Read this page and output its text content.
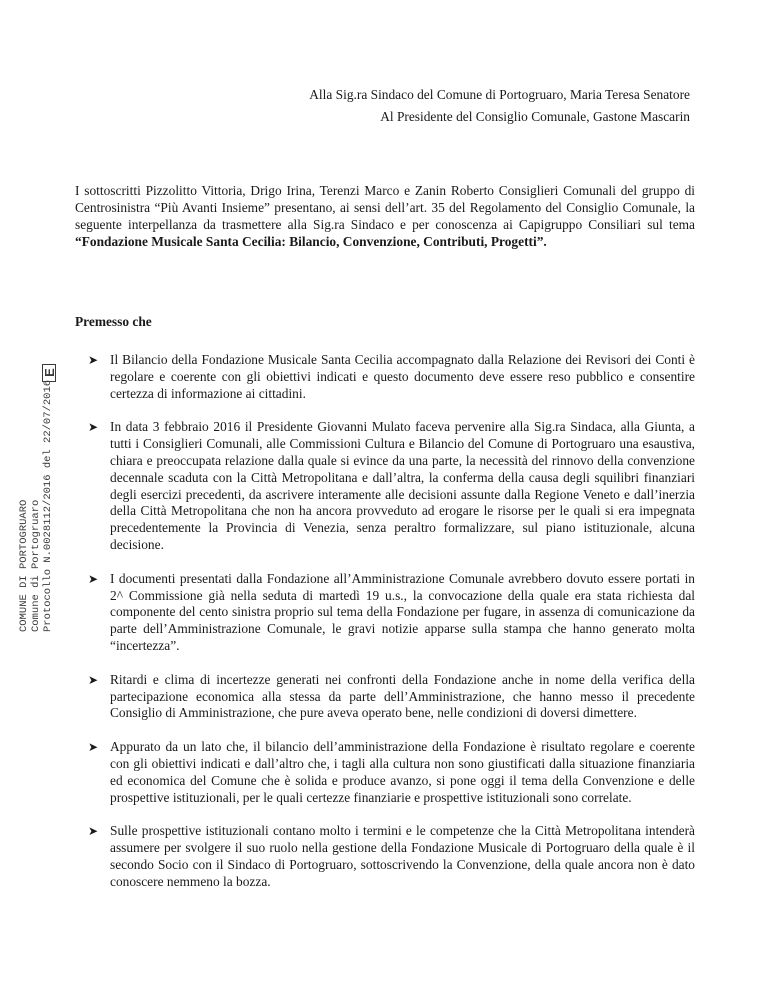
Alla Sig.ra Sindaco del Comune di Portogruaro, Maria Teresa Senatore
Al Presidente del Consiglio Comunale, Gastone Mascarin
I sottoscritti Pizzolitto Vittoria, Drigo Irina, Terenzi Marco e Zanin Roberto Consiglieri Comunali del gruppo di Centrosinistra “Più Avanti Insieme” presentano, ai sensi dell’art. 35 del Regolamento del Consiglio Comunale, la seguente interpellanza da trasmettere alla Sig.ra Sindaco e per conoscenza ai Capigruppo Consiliari sul tema “Fondazione Musicale Santa Cecilia: Bilancio, Convenzione, Contributi, Progetti”.
Premesso che
COMUNE DI PORTOGRUARO Comune di Portogruaro Protocollo N.0028112/2016 del 22/07/2016
E
➤ Il Bilancio della Fondazione Musicale Santa Cecilia accompagnato dalla Relazione dei Revisori dei Conti è regolare e coerente con gli obiettivi indicati e questo documento deve essere reso pubblico e consentire certezza di informazione ai cittadini.
➤ In data 3 febbraio 2016 il Presidente Giovanni Mulato faceva pervenire alla Sig.ra Sindaca, alla Giunta, a tutti i Consiglieri Comunali, alle Commissioni Cultura e Bilancio del Comune di Portogruaro una esaustiva, chiara e preoccupata relazione dalla quale si evince da una parte, la necessità del rinnovo della convenzione decennale scaduta con la Città Metropolitana e dall’altra, la conferma della causa degli squilibri finanziari degli esercizi precedenti, da ascrivere interamente alle decisioni assunte dalla Regione Veneto e dall’inerzia della Città Metropolitana che non ha ancora provveduto ad erogare le risorse per le quali si era impegnata precedentemente la Provincia di Venezia, senza peraltro formalizzare, sul piano istituzionale, alcuna decisione.
➤ I documenti presentati dalla Fondazione all’Amministrazione Comunale avrebbero dovuto essere portati in 2^ Commissione già nella seduta di martedì 19 u.s., la convocazione della quale era stata richiesta dal componente del cento sinistra proprio sul tema della Fondazione per fugare, in assenza di comunicazione da parte dell’Amministrazione Comunale, le gravi notizie apparse sulla stampa che hanno generato molta “incertezza”.
➤ Ritardi e clima di incertezze generati nei confronti della Fondazione anche in nome della verifica della partecipazione economica alla stessa da parte dell’Amministrazione, che hanno messo il precedente Consiglio di Amministrazione, che pure aveva operato bene, nelle condizioni di doversi dimettere.
➤ Appurato da un lato che, il bilancio dell’amministrazione della Fondazione è risultato regolare e coerente con gli obiettivi indicati e dall’altro che, i tagli alla cultura non sono giustificati dalla situazione finanziaria ed economica del Comune che è solida e produce avanzo, si pone oggi il tema della Convenzione e delle prospettive istituzionali, per le quali certezze finanziarie e prospettive istituzionali sono correlate.
➤ Sulle prospettive istituzionali contano molto i termini e le competenze che la Città Metropolitana intenderà assumere per svolgere il suo ruolo nella gestione della Fondazione Musicale di Portogruaro della quale è il secondo Socio con il Sindaco di Portogruaro, sottoscrivendo la Convenzione, della quale ancora non è dato conoscere nemmeno la bozza.
